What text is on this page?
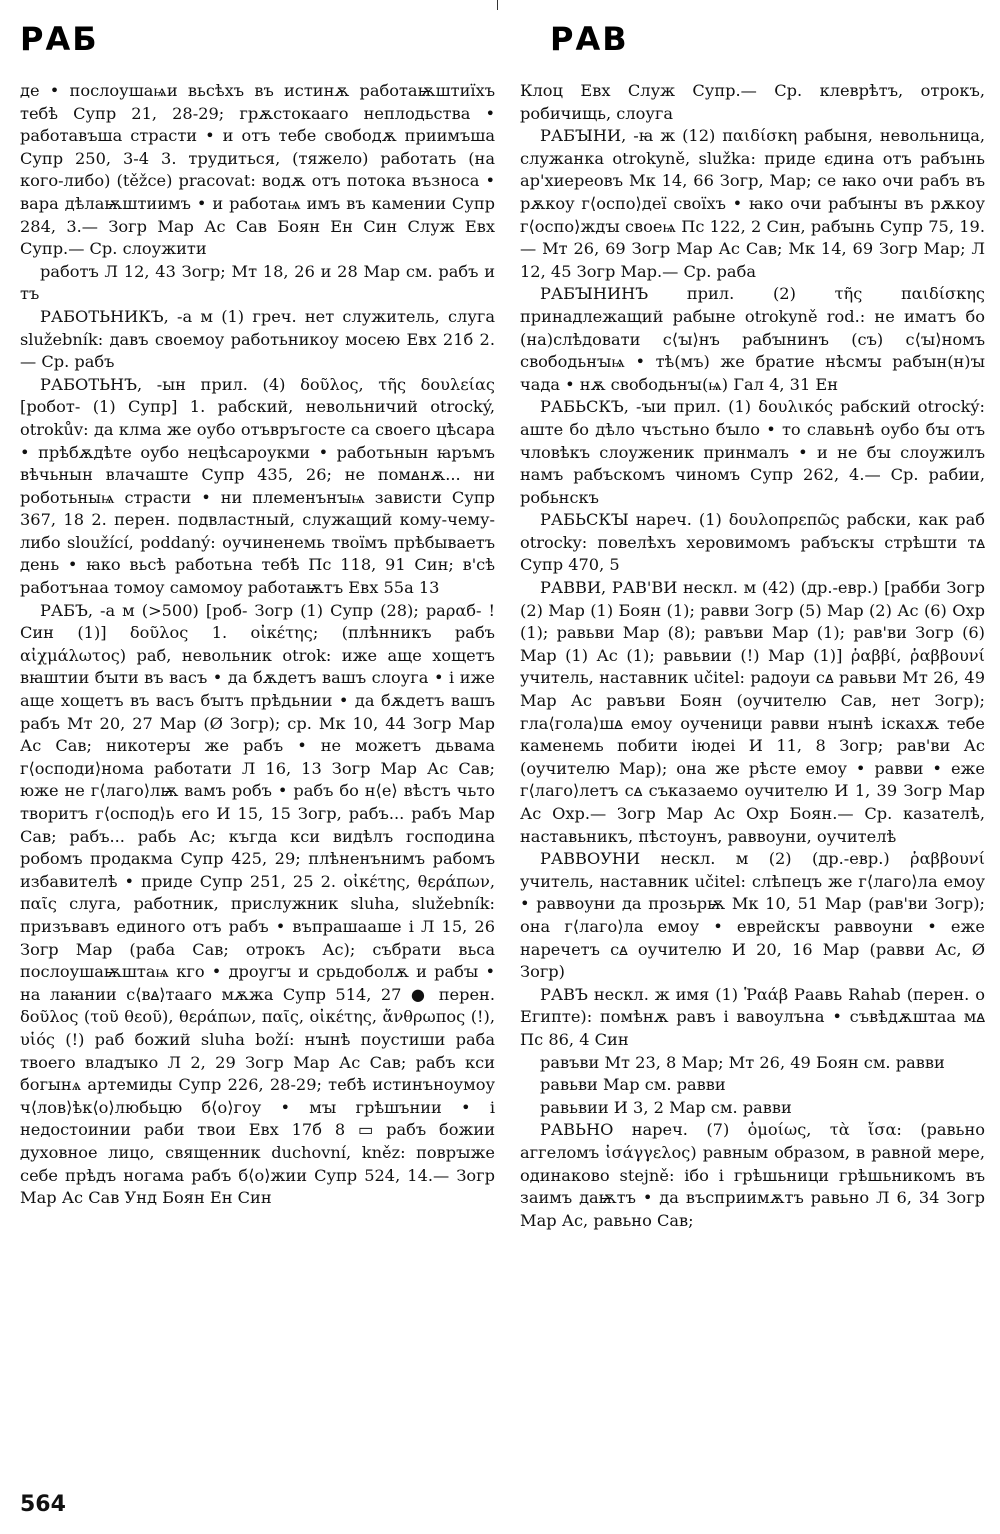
РАБ	РАВ

де • послоушаѩи вьсѣхъ въ истинѫ работаѭштиїхъ тебѣ Супр 21, 28-29; грѫстокааго неплодьства • работавъша страсти • и отъ тебе свободѫ приимъша Супр 250, 3-4 3. трудиться, (тяжело) работать (на кого-либо) (těžce) pracovat: водѫ отъ потока възноса • вара дѣлаѭштиимъ • и работаѩ имъ въ камении Супр 284, 3.— Зогр Мар Ас Сав Боян Ен Син Служ Евх Супр.— Ср. слоужити

работъ Л 12, 43 Зогр; Мт 18, 26 и 28 Мар см. рабъ и тъ

РАБОТЬНИКЪ, -а м (1) греч. нет служитель, слуга služebník: давъ своемоу работьникоу мосею Евх 21б 2.— Ср. рабъ

РАБОТЬНЪ, -ын прил. (4) δοῦλος, τῆς δουλείας [робот- (1) Супр] 1. рабский, невольничий otrocký, otrokův: да клма же оубо отъвръгосте са своего цѣсара • прѣбѫдѣте оубо нецѣсароукми • работьнын ꙗръмъ вѣчьнын влачаште Супр 435, 26; не помꙙнѫ... ни роботьныѩ страсти • ни племенънꙑѩ зависти Супр 367, 18 2. перен. подвластный, служащий кому-чему-либо sloužící, poddaný: оучиненемь твоїмъ прѣбываетъ день • ꙗко вьсѣ работьна тебѣ Пс 118, 91 Син; в'сѣ работънаа томоу самомоу работаѭтъ Евх 55а 13

РАБЪ, -а м (>500) [роб- Зогр (1) Супр (28); раραб- ! Син (1)] δοῦλος 1. οἰκέτης; (плѣнникъ рабъ αἰχμάλωτος) раб, невольник otrok: иже аще хощетъ вꙗштии бꙑти въ васъ • да бѫдетъ вашъ слоуга • і иже аще хощетъ въ васъ бꙑтъ прѣдьнии • да бѫдетъ вашъ рабъ Мт 20, 27 Мар (Ø Зогр); ср. Мк 10, 44 Зогр Мар Ас Сав; никотерꙑ же рабъ • не можетъ дьвама г⟨осподи⟩нома работати Л 16, 13 Зогр Мар Ас Сав; юже не г⟨лаго⟩лѭ вамъ робъ • рабъ бо н⟨е⟩ вѣстъ чьто творитъ г⟨оспод⟩ь его И 15, 15 Зогр, рабъ... рабъ Мар Сав; рабъ... рабь Ас; къгда кси видѣлъ господина робомъ продакма Супр 425, 29; плѣненънимъ рабомъ избавителѣ • приде Супр 251, 25 2. οἰκέτης, θεράπων, παῖς слуга, работник, прислужник sluha, služebník: призъвавъ единого отъ рабъ • въпрашааше і Л 15, 26 Зогр Мар (раба Сав; отрокъ Ас); събрати вьса послоушаѭштаѩ кго • дроугꙑ и срьдоболѫ и рабꙑ • на лаꙗнии с⟨вꙙ⟩тааго мѫжа Супр 514, 27 ● перен. δοῦλος (τοῦ θεοῦ), θεράπων, παῖς, οἰκέτης, ἄνθρωπος (!), υἱός (!) раб божий sluha boží: нꙑнѣ поустиши раба твоего владꙑко Л 2, 29 Зогр Мар Ас Сав; рабъ кси богынѧ артемиды Супр 226, 28-29; тебѣ истинъноумоу ч⟨лов⟩ѣк⟨о⟩любьцю б⟨о⟩гоу • мꙑ грѣшънии • і недостоинии раби твои Евх 17б 8 ▭ рабъ божии духовное лицо, священник duchovní, kněz: поврꙑже себе прѣдъ ногама рабъ б⟨о⟩жии Супр 524, 14.— Зогр Мар Ас Сав Унд Боян Ен Син

Клоц Евх Служ Супр.— Ср. клеврѣтъ, отрокъ, робичищь, слоуга

РАБꙐНИ, -ꙗ ж (12) παιδίσκη рабыня, невольница, служанка otrokyně, služka: приде єдина отъ рабъıнь ар'хиереовъ Мк 14, 66 Зогр, Мар; се ꙗко очи рабъ въ рѫкоу г⟨оспо⟩деї своїхъ • ꙗко очи рабꙑнꙑ въ рѫкоу г⟨оспо⟩ждꙑ своеѩ Пс 122, 2 Син, рабꙑнь Супр 75, 19.— Мт 26, 69 Зогр Мар Ас Сав; Мк 14, 69 Зогр Мар; Л 12, 45 Зогр Мар.— Ср. раба

РАБꙐНИНЪ прил. (2) τῆς παιδίσκης принадлежащий рабыне otrokyně rod.: не иматъ бо (на)слѣдовати с⟨ꙑ⟩нъ рабꙑнинъ (съ) с⟨ꙑ⟩номъ свободьнꙑѩ • тѣ(мъ) же братие нѣсмꙑ рабꙑн(н)ꙑ чада • нѫ свободьнꙑ(ѩ) Гал 4, 31 Ен

РАБЬСКЪ, -ꙑи прил. (1) δουλικός рабский otrocký: аште бо дѣло чъстьно бꙑло • то славьнѣ оубо бꙑ отъ чловѣкъ слоуженик принмалъ • и не бꙑ слоужилъ намъ рабъскомъ чиномъ Супр 262, 4.— Ср. рабии, робьнскъ

РАБЬСКꙐ нареч. (1) δουλοπρεπῶς рабски, как раб otrocky: повелѣхъ херовимомъ рабъскꙑ стрѣшти тꙙ Супр 470, 5

РАВВИ, РАВ'ВИ нескл. м (42) (др.-евр.) [рабби Зогр (2) Мар (1) Боян (1); равви Зогр (5) Мар (2) Ас (6) Охр (1); равьви Мар (8); равъви Мар (1); рав'ви Зогр (6) Мар (1) Ас (1); равьвии (!) Мар (1)] ῥαββί, ῥαββουνί учитель, наставник učitel: радоуи сꙙ равьви Мт 26, 49 Мар Ас равъви Боян (оучителю Сав, нет Зогр); гла⟨гола⟩шꙙ емоу оученици равви нꙑнѣ іскахѫ тебе каменемь побити іюдеі И 11, 8 Зогр; рав'ви Ас (оучителю Мар); она же рѣсте емоу • равви • еже г⟨лаго⟩летъ сꙙ съказаемо оучителю И 1, 39 Зогр Мар Ас Охр.— Зогр Мар Ас Охр Боян.— Ср. казателѣ, наставьникъ, пѣстоунъ, раввоуни, оучителѣ

РАВВОУНИ нескл. м (2) (др.-евр.) ῥαββουνί учитель, наставник učitel: слѣпецъ же г⟨лаго⟩ла емоу • раввоуни да прозьрѭ Мк 10, 51 Мар (рав'ви Зогр); она г⟨лаго⟩ла емоу • еврейскꙑ раввоуни • еже наречетъ сꙙ оучителю И 20, 16 Мар (равви Ас, Ø Зогр)

РАВЪ нескл. ж имя (1) Ῥαάβ Раавь Rahab (перен. о Египте): помѣнѫ равъ і вавоулъна • съвѣдѫштаа мꙙ Пс 86, 4 Син

равъви Мт 23, 8 Мар; Мт 26, 49 Боян см. равви

равьви Мар см. равви

равьвии И 3, 2 Мар см. равви

РАВЬНО нареч. (7) ὁμοίως, τὰ ἴσα: (равьно аггеломъ ἰσάγγελος) равным образом, в равной мере, одинаково stejně: ібо і грѣшьници грѣшьникомъ въ заимъ даѭтъ • да въсприимѫтъ равьно Л 6, 34 Зогр Мар Ас, равьно Сав;

564
